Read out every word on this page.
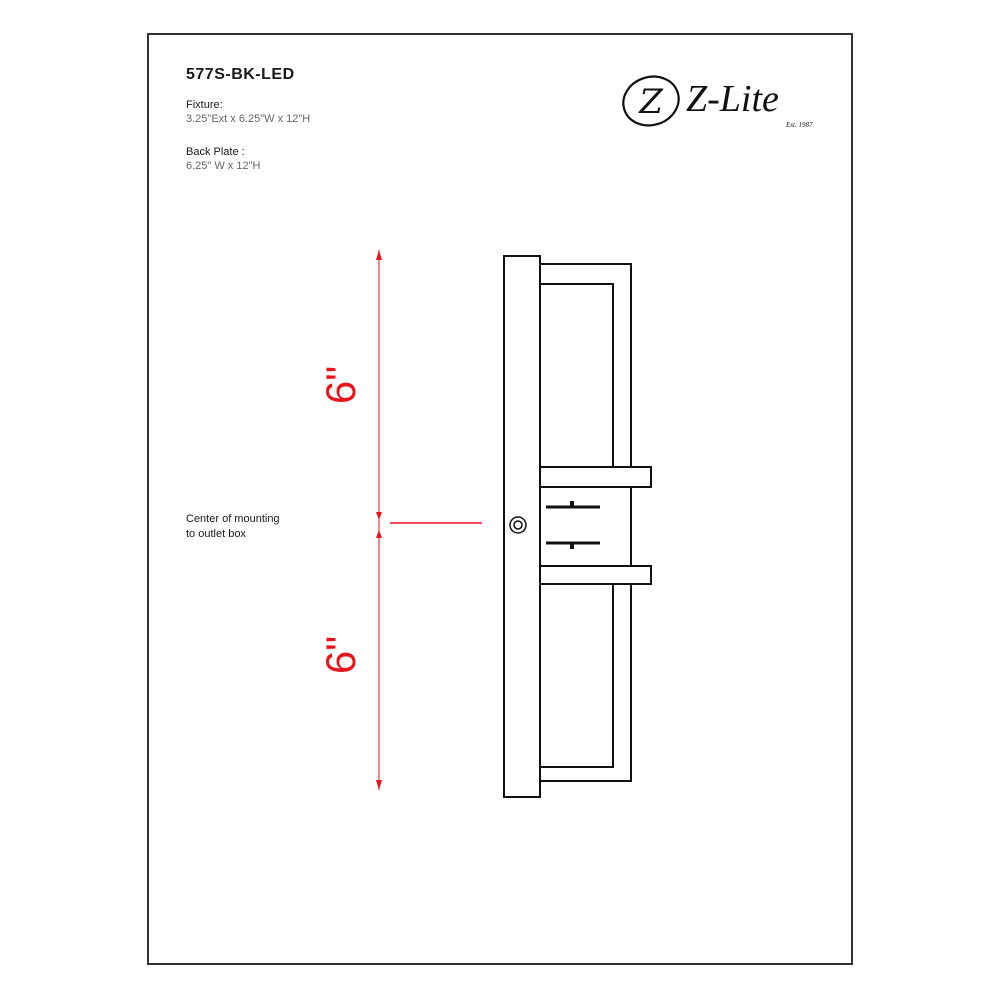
577S-BK-LED
Fixture:
3.25"Ext x 6.25"W x 12"H
Back Plate :
6.25" W x 12"H
Center of mounting
to outlet box
Z Z-Lite
Est. 1987
6"
6"
